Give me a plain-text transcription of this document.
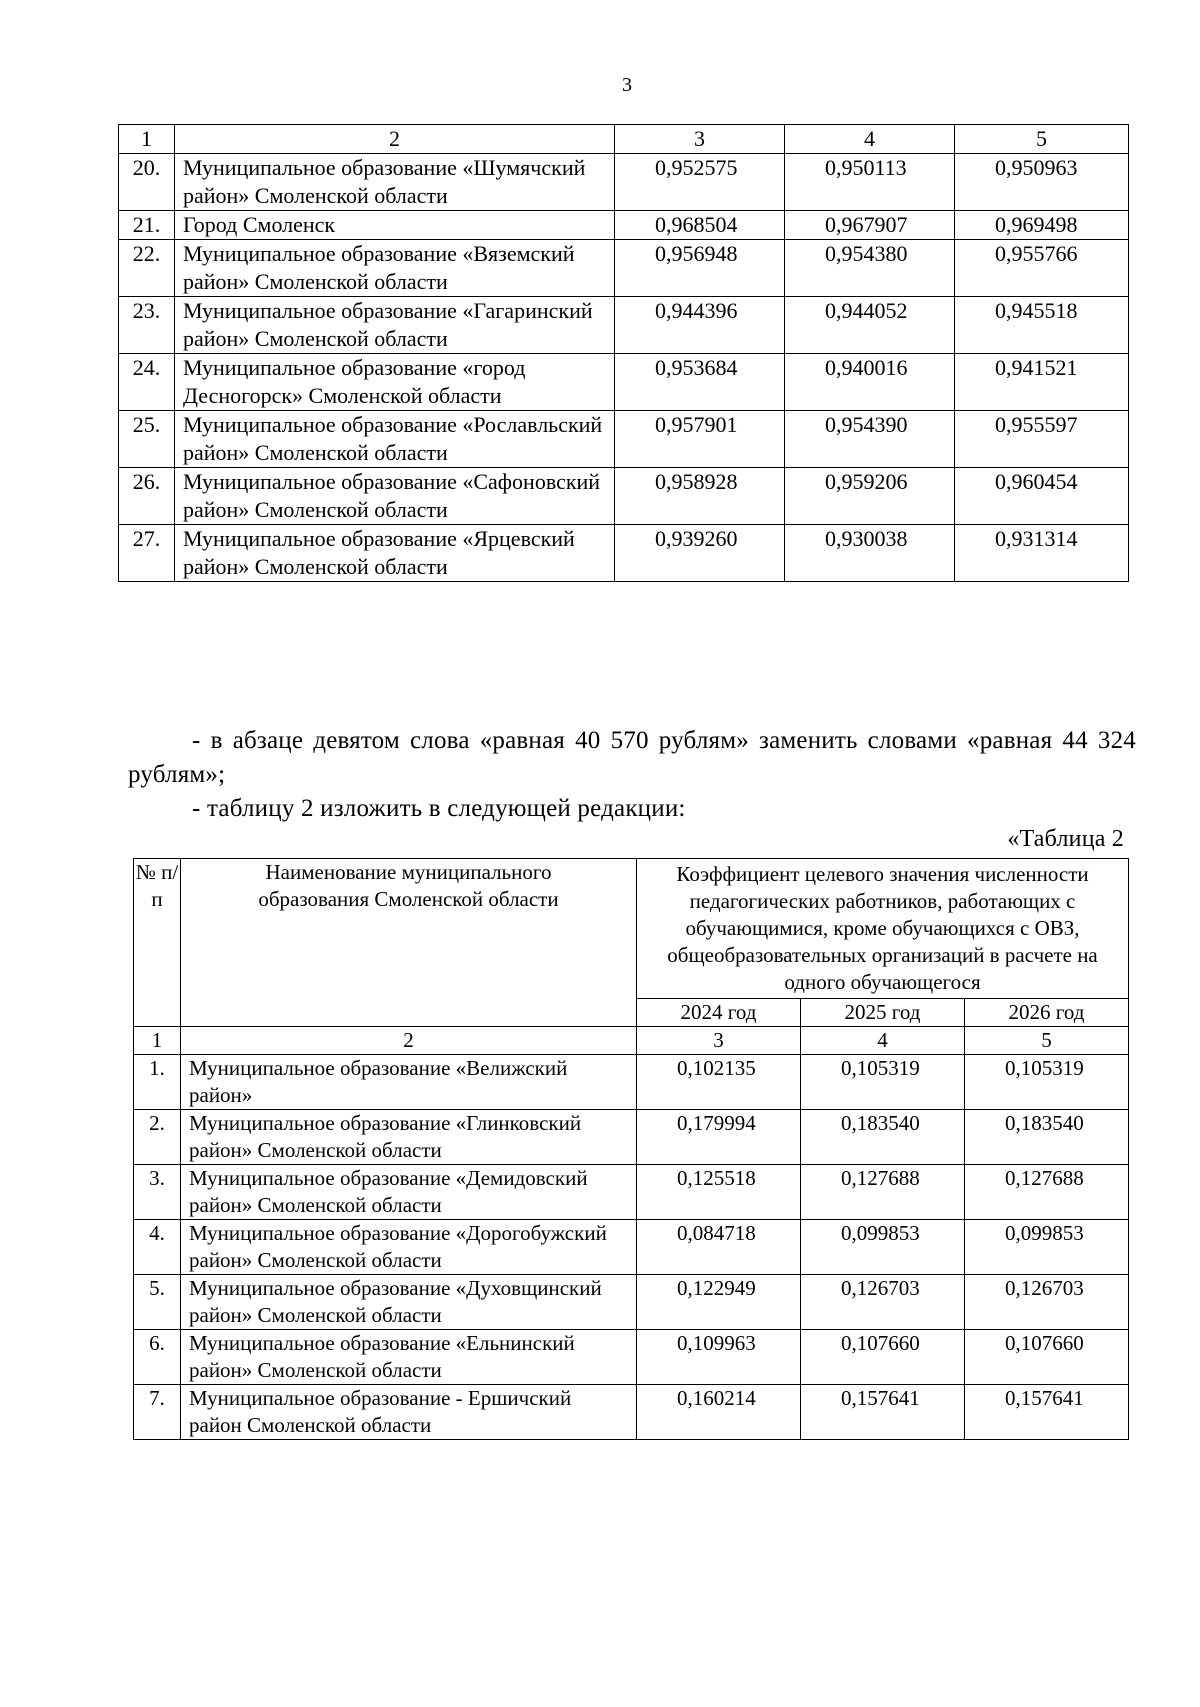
3
1	2	3	4	5
20.	Муниципальное образование «Шумячский район» Смоленской области	0,952575	0,950113	0,950963
21.	Город Смоленск	0,968504	0,967907	0,969498
22.	Муниципальное образование «Вяземский район» Смоленской области	0,956948	0,954380	0,955766
23.	Муниципальное образование «Гагаринский район» Смоленской области	0,944396	0,944052	0,945518
24.	Муниципальное образование «город Десногорск» Смоленской области	0,953684	0,940016	0,941521
25.	Муниципальное образование «Рославльский район» Смоленской области	0,957901	0,954390	0,955597
26.	Муниципальное образование «Сафоновский район» Смоленской области	0,958928	0,959206	0,960454
27.	Муниципальное образование «Ярцевский район» Смоленской области	0,939260	0,930038	0,931314
- в абзаце девятом слова «равная 40 570 рублям» заменить словами «равная 44 324 рублям»;
- таблицу 2 изложить в следующей редакции:
«Таблица 2
№ п/п	Наименование муниципального образования Смоленской области	Коэффициент целевого значения численности педагогических работников, работающих с обучающимися, кроме обучающихся с ОВЗ, общеобразовательных организаций в расчете на одного обучающегося		
		2024 год	2025 год	2026 год
1	2	3	4	5
1.	Муниципальное образование «Велижский район»	0,102135	0,105319	0,105319
2.	Муниципальное образование «Глинковский район» Смоленской области	0,179994	0,183540	0,183540
3.	Муниципальное образование «Демидовский район» Смоленской области	0,125518	0,127688	0,127688
4.	Муниципальное образование «Дорогобужский район» Смоленской области	0,084718	0,099853	0,099853
5.	Муниципальное образование «Духовщинский район» Смоленской области	0,122949	0,126703	0,126703
6.	Муниципальное образование «Ельнинский район» Смоленской области	0,109963	0,107660	0,107660
7.	Муниципальное образование - Ершичский район Смоленской области	0,160214	0,157641	0,157641
